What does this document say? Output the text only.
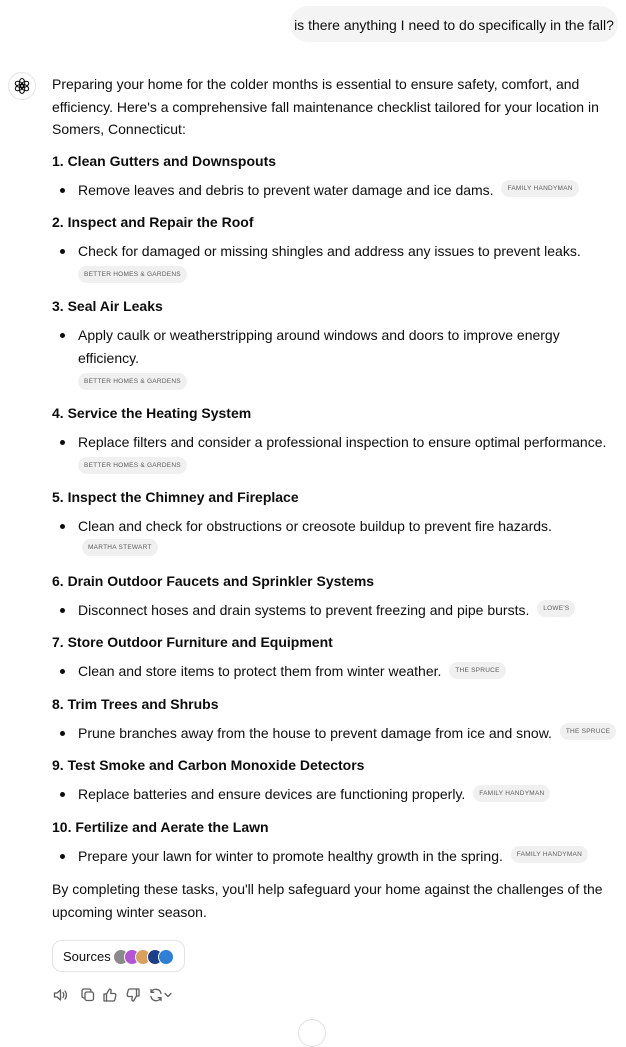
is there anything I need to do specifically in the fall?

Preparing your home for the colder months is essential to ensure safety, comfort, and efficiency. Here's a comprehensive fall maintenance checklist tailored for your location in Somers, Connecticut:

1. Clean Gutters and Downspouts
Remove leaves and debris to prevent water damage and ice dams. FAMILY HANDYMAN
2. Inspect and Repair the Roof
Check for damaged or missing shingles and address any issues to prevent leaks.
BETTER HOMES & GARDENS
3. Seal Air Leaks
Apply caulk or weatherstripping around windows and doors to improve energy efficiency.
BETTER HOMES & GARDENS
4. Service the Heating System
Replace filters and consider a professional inspection to ensure optimal performance.
BETTER HOMES & GARDENS
5. Inspect the Chimney and Fireplace
Clean and check for obstructions or creosote buildup to prevent fire hazards. MARTHA STEWART
6. Drain Outdoor Faucets and Sprinkler Systems
Disconnect hoses and drain systems to prevent freezing and pipe bursts. LOWE'S
7. Store Outdoor Furniture and Equipment
Clean and store items to protect them from winter weather. THE SPRUCE
8. Trim Trees and Shrubs
Prune branches away from the house to prevent damage from ice and snow. THE SPRUCE
9. Test Smoke and Carbon Monoxide Detectors
Replace batteries and ensure devices are functioning properly. FAMILY HANDYMAN
10. Fertilize and Aerate the Lawn
Prepare your lawn for winter to promote healthy growth in the spring. FAMILY HANDYMAN

By completing these tasks, you'll help safeguard your home against the challenges of the upcoming winter season.

Sources
